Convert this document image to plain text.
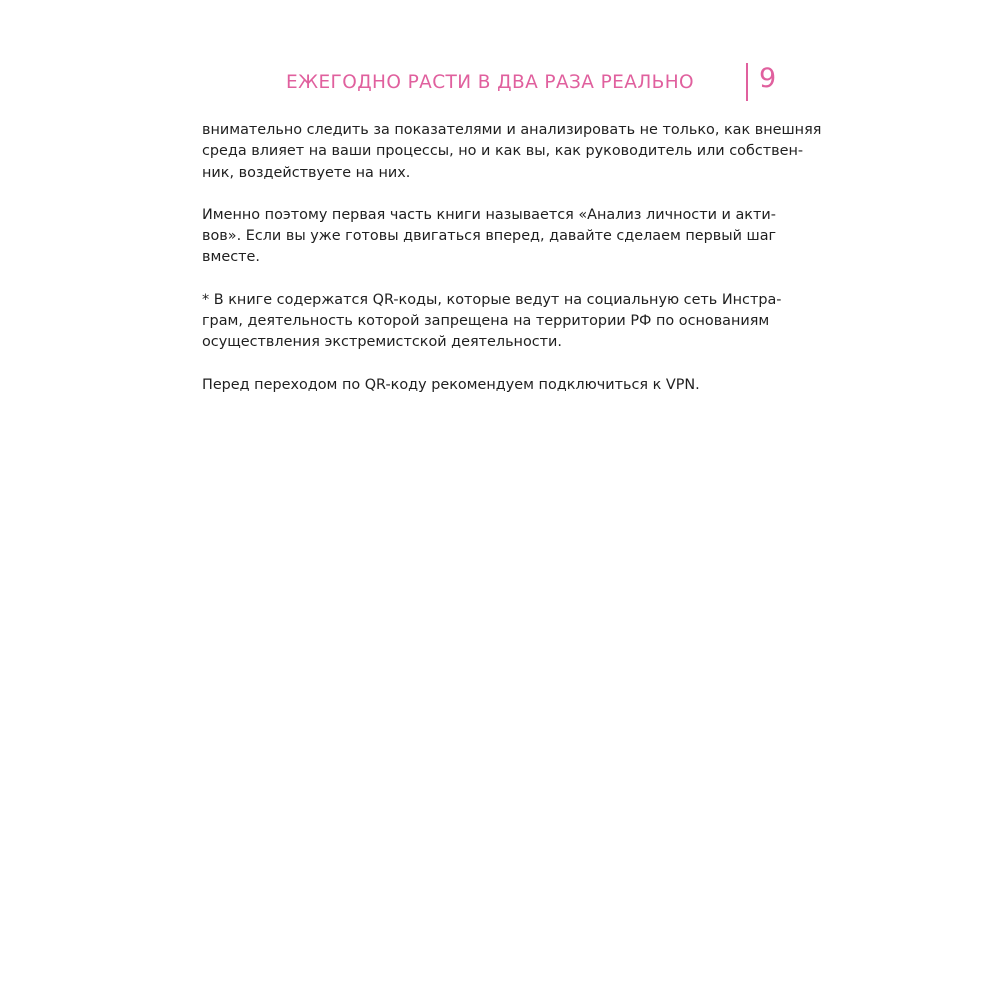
ЕЖЕГОДНО РАСТИ В ДВА РАЗА РЕАЛЬНО 9

внимательно следить за показателями и анализировать не только, как внешняя
среда влияет на ваши процессы, но и как вы, как руководитель или собствен-
ник, воздействуете на них.

Именно поэтому первая часть книги называется «Анализ личности и акти-
вов». Если вы уже готовы двигаться вперед, давайте сделаем первый шаг
вместе.

* В книге содержатся QR-коды, которые ведут на социальную сеть Инстра-
грам, деятельность которой запрещена на территории РФ по основаниям
осуществления экстремистской деятельности.

Перед переходом по QR-коду рекомендуем подключиться к VPN.
